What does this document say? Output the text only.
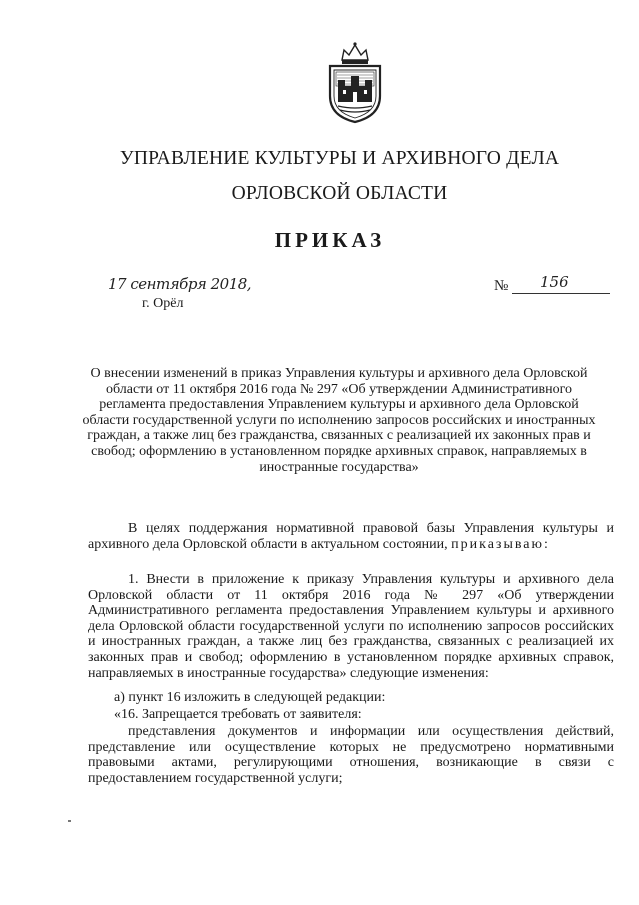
УПРАВЛЕНИЕ КУЛЬТУРЫ И АРХИВНОГО ДЕЛА
ОРЛОВСКОЙ ОБЛАСТИ
ПРИКАЗ
17 сентября 2018,
г. Орёл
№ 156
О внесении изменений в приказ Управления культуры и архивного дела Орловской области от 11 октября 2016 года № 297 «Об утверждении Административного регламента предоставления Управлением культуры и архивного дела Орловской области государственной услуги по исполнению запросов российских и иностранных граждан, а также лиц без гражданства, связанных с реализацией их законных прав и свобод; оформлению в установленном порядке архивных справок, направляемых в иностранные государства»
В целях поддержания нормативной правовой базы Управления культуры и архивного дела Орловской области в актуальном состоянии, приказываю:
1. Внести в приложение к приказу Управления культуры и архивного дела Орловской области от 11 октября 2016 года № 297 «Об утверждении Административного регламента предоставления Управлением культуры и архивного дела Орловской области государственной услуги по исполнению запросов российских и иностранных граждан, а также лиц без гражданства, связанных с реализацией их законных прав и свобод; оформлению в установленном порядке архивных справок, направляемых в иностранные государства» следующие изменения:
а) пункт 16 изложить в следующей редакции:
«16. Запрещается требовать от заявителя:
представления документов и информации или осуществления действий, представление или осуществление которых не предусмотрено нормативными правовыми актами, регулирующими отношения, возникающие в связи с предоставлением государственной услуги;
